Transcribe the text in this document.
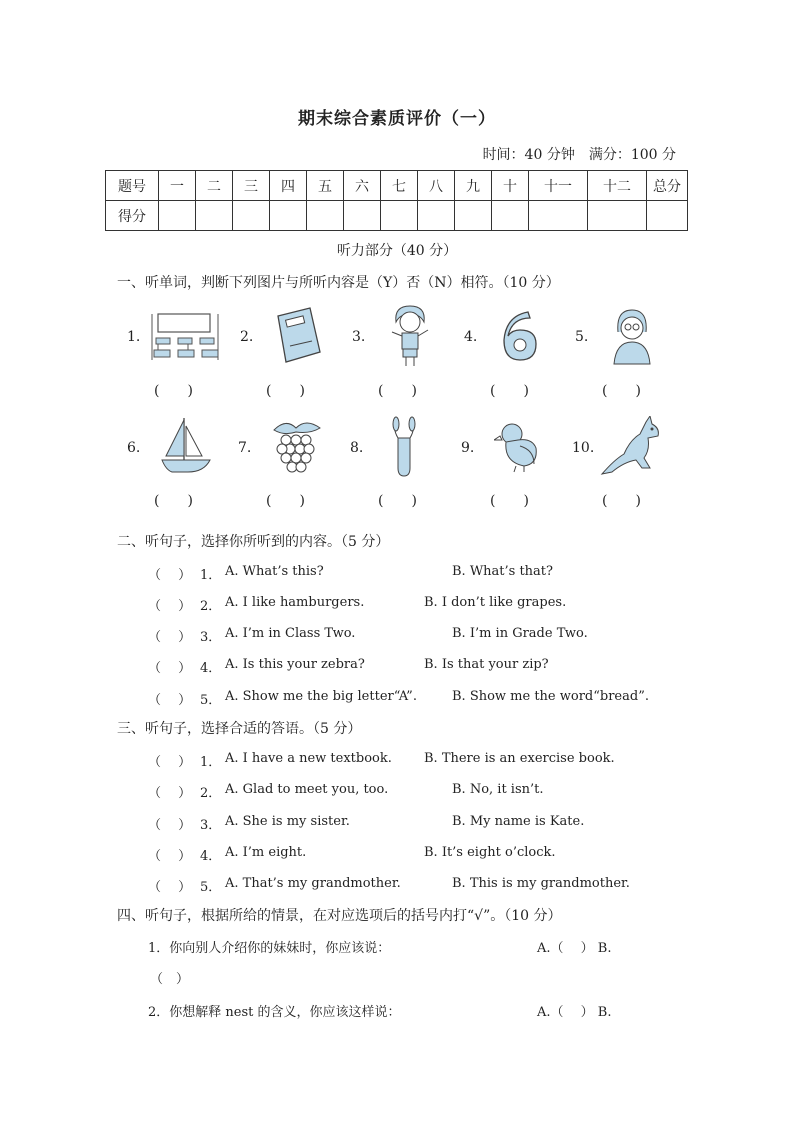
期末综合素质评价（一）
时间：40 分钟　满分：100 分
题号	一	二	三	四	五	六	七	八	九	十	十一	十二	总分
得分													
听力部分（40 分）
一、听单词，判断下列图片与所听内容是（Y）否（N）相符。（10 分）
1.	2.	3.	4.	5.
(　　)	(　　)	(　　)	(　　)	(　　)
6.	7.	8.	9.	10.
(　　)	(　　)	(　　)	(　　)	(　　)
二、听句子，选择你所听到的内容。（5 分）
（　 ） 1． A. What’s this?	B. What’s that?
（　 ） 2． A. I like hamburgers.	B. I don’t like grapes.
（　 ） 3． A. I’m in Class Two.	B. I’m in Grade Two.
（　 ） 4． A. Is this your zebra?	B. Is that your zip?
（　 ） 5． A. Show me the big letter“A”.	B. Show me the word“bread”.
三、听句子，选择合适的答语。（5 分）
（　 ） 1． A. I have a new textbook. B. There is an exercise book.
（　 ） 2． A. Glad to meet you, too.	B. No, it isn’t.
（　 ） 3． A. She is my sister.	B. My name is Kate.
（　 ） 4． A. I’m eight.	B. It’s eight o’clock.
（　 ） 5． A. That’s my grandmother.	B. This is my grandmother.
四、听句子，根据所给的情景，在对应选项后的括号内打“√”。（10 分）
1．你向别人介绍你的妹妹时，你应该说：	A.（　 ） B.
（　）
2．你想解释 nest 的含义，你应该这样说：	A.（　 ） B.
